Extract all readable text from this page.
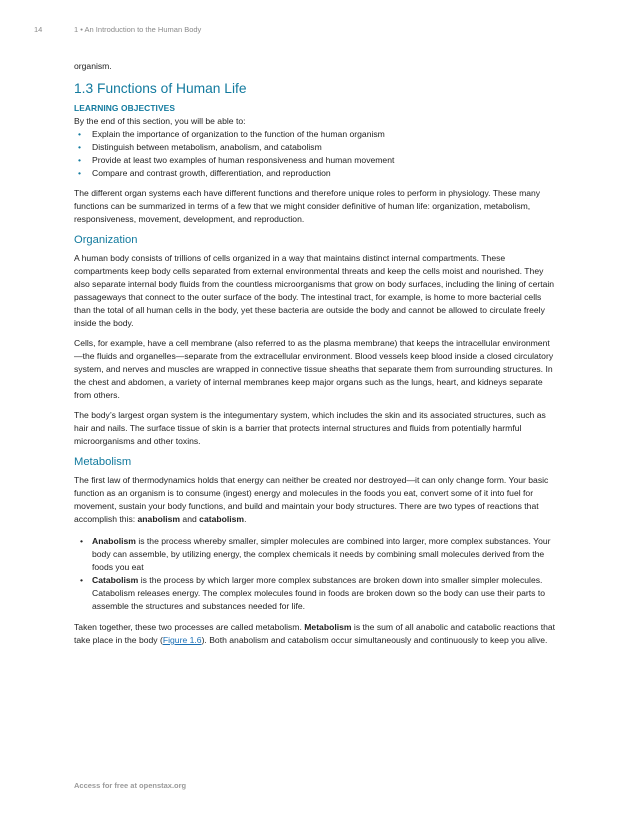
14	1 • An Introduction to the Human Body

organism.

1.3 Functions of Human Life
LEARNING OBJECTIVES
By the end of this section, you will be able to:
• Explain the importance of organization to the function of the human organism
• Distinguish between metabolism, anabolism, and catabolism
• Provide at least two examples of human responsiveness and human movement
• Compare and contrast growth, differentiation, and reproduction

The different organ systems each have different functions and therefore unique roles to perform in physiology. These many functions can be summarized in terms of a few that we might consider definitive of human life: organization, metabolism, responsiveness, movement, development, and reproduction.

Organization

A human body consists of trillions of cells organized in a way that maintains distinct internal compartments. These compartments keep body cells separated from external environmental threats and keep the cells moist and nourished. They also separate internal body fluids from the countless microorganisms that grow on body surfaces, including the lining of certain passageways that connect to the outer surface of the body. The intestinal tract, for example, is home to more bacterial cells than the total of all human cells in the body, yet these bacteria are outside the body and cannot be allowed to circulate freely inside the body.

Cells, for example, have a cell membrane (also referred to as the plasma membrane) that keeps the intracellular environment—the fluids and organelles—separate from the extracellular environment. Blood vessels keep blood inside a closed circulatory system, and nerves and muscles are wrapped in connective tissue sheaths that separate them from surrounding structures. In the chest and abdomen, a variety of internal membranes keep major organs such as the lungs, heart, and kidneys separate from others.

The body’s largest organ system is the integumentary system, which includes the skin and its associated structures, such as hair and nails. The surface tissue of skin is a barrier that protects internal structures and fluids from potentially harmful microorganisms and other toxins.

Metabolism

The first law of thermodynamics holds that energy can neither be created nor destroyed—it can only change form. Your basic function as an organism is to consume (ingest) energy and molecules in the foods you eat, convert some of it into fuel for movement, sustain your body functions, and build and maintain your body structures. There are two types of reactions that accomplish this: anabolism and catabolism.

• Anabolism is the process whereby smaller, simpler molecules are combined into larger, more complex substances. Your body can assemble, by utilizing energy, the complex chemicals it needs by combining small molecules derived from the foods you eat
• Catabolism is the process by which larger more complex substances are broken down into smaller simpler molecules. Catabolism releases energy. The complex molecules found in foods are broken down so the body can use their parts to assemble the structures and substances needed for life.

Taken together, these two processes are called metabolism. Metabolism is the sum of all anabolic and catabolic reactions that take place in the body (Figure 1.6). Both anabolism and catabolism occur simultaneously and continuously to keep you alive.

Access for free at openstax.org
